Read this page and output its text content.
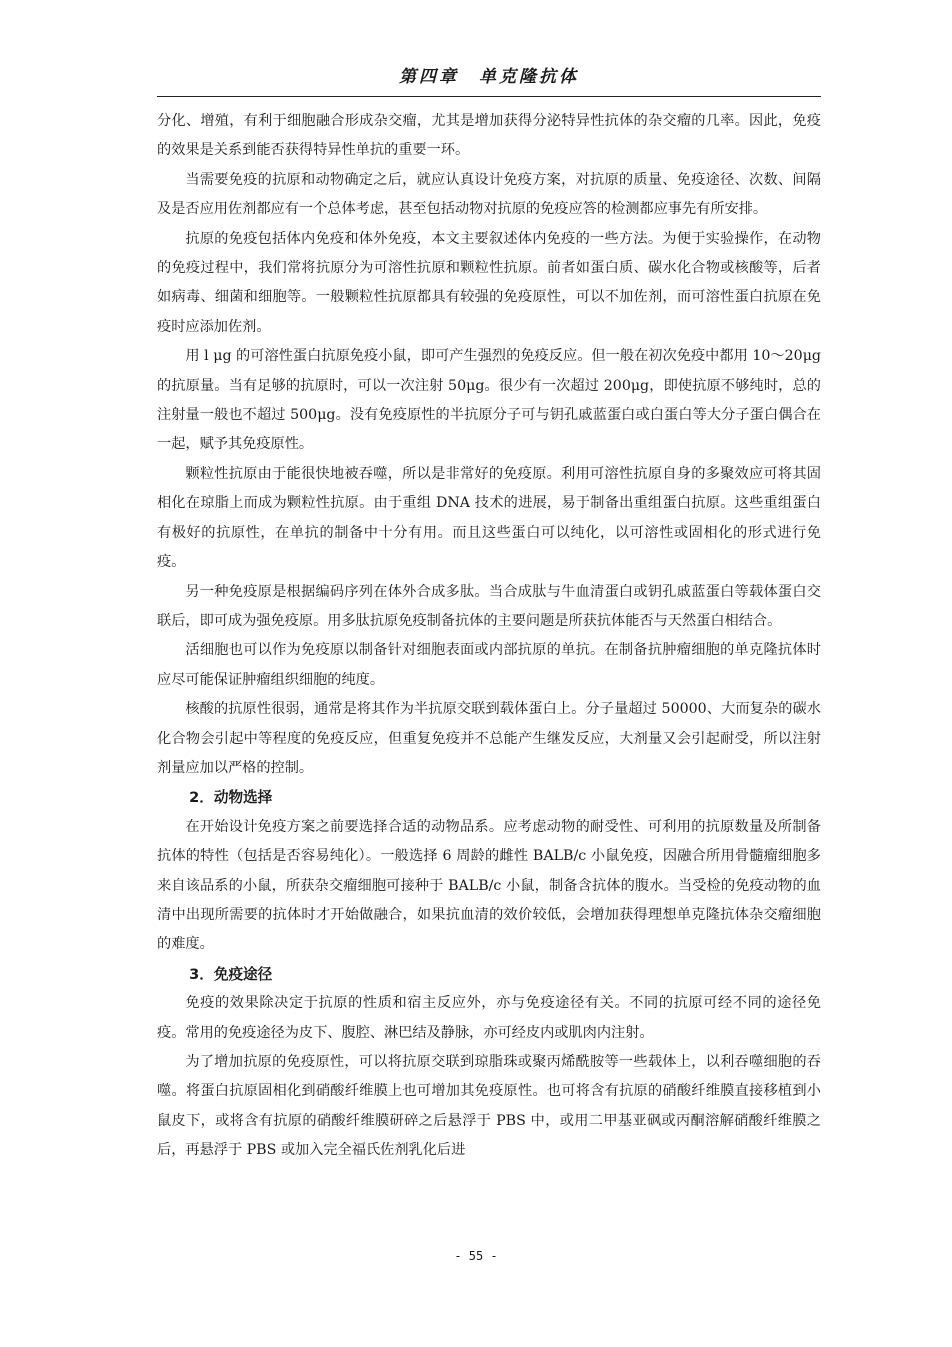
第四章　单克隆抗体

分化、增殖，有利于细胞融合形成杂交瘤，尤其是增加获得分泌特异性抗体的杂交瘤的几率。因此，免疫的效果是关系到能否获得特异性单抗的重要一环。

当需要免疫的抗原和动物确定之后，就应认真设计免疫方案，对抗原的质量、免疫途径、次数、间隔及是否应用佐剂都应有一个总体考虑，甚至包括动物对抗原的免疫应答的检测都应事先有所安排。

抗原的免疫包括体内免疫和体外免疫，本文主要叙述体内免疫的一些方法。为便于实验操作，在动物的免疫过程中，我们常将抗原分为可溶性抗原和颗粒性抗原。前者如蛋白质、碳水化合物或核酸等，后者如病毒、细菌和细胞等。一般颗粒性抗原都具有较强的免疫原性，可以不加佐剂，而可溶性蛋白抗原在免疫时应添加佐剂。

用 l μg 的可溶性蛋白抗原免疫小鼠，即可产生强烈的免疫反应。但一般在初次免疫中都用 10～20μg 的抗原量。当有足够的抗原时，可以一次注射 50μg。很少有一次超过 200μg，即使抗原不够纯时，总的注射量一般也不超过 500μg。没有免疫原性的半抗原分子可与钥孔戚蓝蛋白或白蛋白等大分子蛋白偶合在一起，赋予其免疫原性。

颗粒性抗原由于能很快地被吞噬，所以是非常好的免疫原。利用可溶性抗原自身的多聚效应可将其固相化在琼脂上而成为颗粒性抗原。由于重组 DNA 技术的进展，易于制备出重组蛋白抗原。这些重组蛋白有极好的抗原性，在单抗的制备中十分有用。而且这些蛋白可以纯化，以可溶性或固相化的形式进行免疫。

另一种免疫原是根据编码序列在体外合成多肽。当合成肽与牛血清蛋白或钥孔戚蓝蛋白等载体蛋白交联后，即可成为强免疫原。用多肽抗原免疫制备抗体的主要问题是所获抗体能否与天然蛋白相结合。

活细胞也可以作为免疫原以制备针对细胞表面或内部抗原的单抗。在制备抗肿瘤细胞的单克隆抗体时应尽可能保证肿瘤组织细胞的纯度。

核酸的抗原性很弱，通常是将其作为半抗原交联到载体蛋白上。分子量超过 50000、大而复杂的碳水化合物会引起中等程度的免疫反应，但重复免疫并不总能产生继发反应，大剂量又会引起耐受，所以注射剂量应加以严格的控制。

2．动物选择

在开始设计免疫方案之前要选择合适的动物品系。应考虑动物的耐受性、可利用的抗原数量及所制备抗体的特性（包括是否容易纯化）。一般选择 6 周龄的雌性 BALB/c 小鼠免疫，因融合所用骨髓瘤细胞多来自该品系的小鼠，所获杂交瘤细胞可接种于 BALB/c 小鼠，制备含抗体的腹水。当受检的免疫动物的血清中出现所需要的抗体时才开始做融合，如果抗血清的效价较低，会增加获得理想单克隆抗体杂交瘤细胞的难度。

3．免疫途径

免疫的效果除决定于抗原的性质和宿主反应外，亦与免疫途径有关。不同的抗原可经不同的途径免疫。常用的免疫途径为皮下、腹腔、淋巴结及静脉，亦可经皮内或肌肉内注射。

为了增加抗原的免疫原性，可以将抗原交联到琼脂珠或聚丙烯酰胺等一些载体上，以利吞噬细胞的吞噬。将蛋白抗原固相化到硝酸纤维膜上也可增加其免疫原性。也可将含有抗原的硝酸纤维膜直接移植到小鼠皮下，或将含有抗原的硝酸纤维膜研碎之后悬浮于 PBS 中，或用二甲基亚砜或丙酮溶解硝酸纤维膜之后，再悬浮于 PBS 或加入完全福氏佐剂乳化后进

- 55 -
